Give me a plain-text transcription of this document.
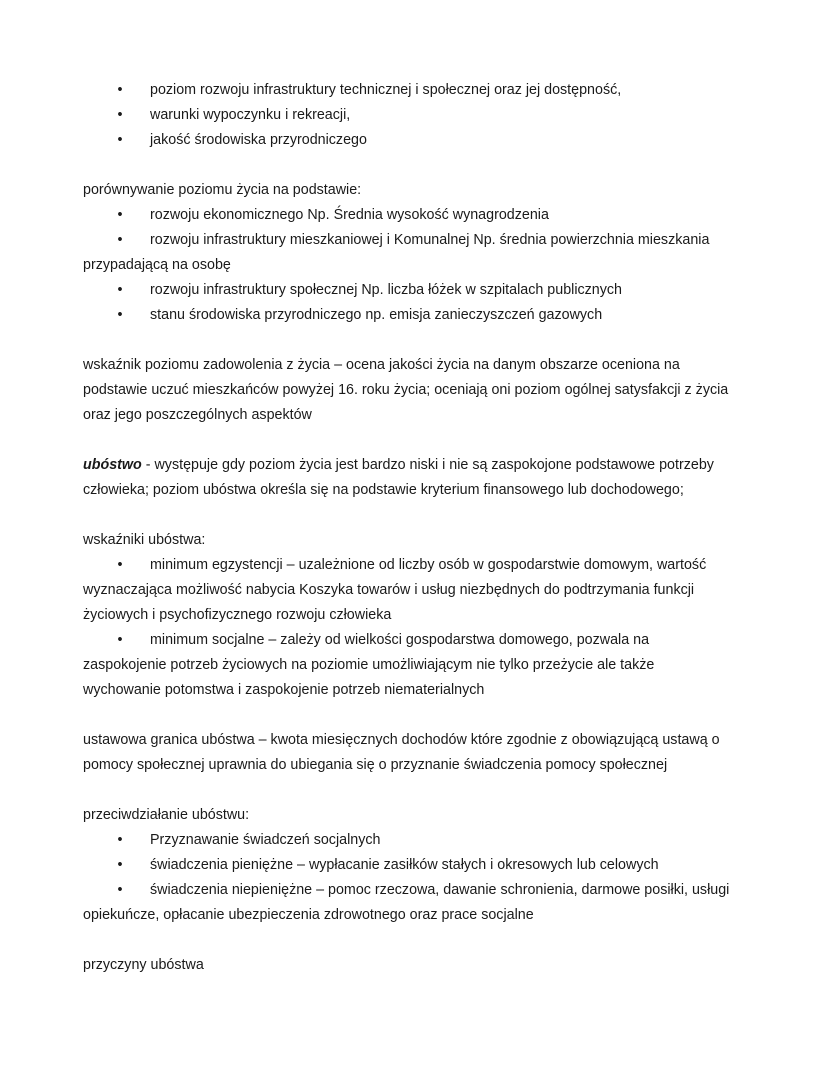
• poziom rozwoju infrastruktury technicznej i społecznej oraz jej dostępność,
• warunki wypoczynku i rekreacji,
• jakość środowiska przyrodniczego
porównywanie poziomu życia na podstawie:
• rozwoju ekonomicznego Np. Średnia wysokość wynagrodzenia
• rozwoju infrastruktury mieszkaniowej i Komunalnej Np. średnia powierzchnia mieszkania
przypadającą na osobę
• rozwoju infrastruktury społecznej Np. liczba łóżek w szpitalach publicznych
• stanu środowiska przyrodniczego np. emisja zanieczyszczeń gazowych
wskaźnik poziomu zadowolenia z życia – ocena jakości życia na danym obszarze oceniona na
podstawie uczuć mieszkańców powyżej 16. roku życia; oceniają oni poziom ogólnej satysfakcji z życia
oraz jego poszczególnych aspektów
ubóstwo - występuje gdy poziom życia jest bardzo niski i nie są zaspokojone podstawowe potrzeby
człowieka; poziom ubóstwa określa się na podstawie kryterium finansowego lub dochodowego;
wskaźniki ubóstwa:
• minimum egzystencji – uzależnione od liczby osób w gospodarstwie domowym, wartość
wyznaczająca możliwość nabycia Koszyka towarów i usług niezbędnych do podtrzymania funkcji
życiowych i psychofizycznego rozwoju człowieka
• minimum socjalne – zależy od wielkości gospodarstwa domowego, pozwala na
zaspokojenie potrzeb życiowych na poziomie umożliwiającym nie tylko przeżycie ale także
wychowanie potomstwa i zaspokojenie potrzeb niematerialnych
ustawowa granica ubóstwa – kwota miesięcznych dochodów które zgodnie z obowiązującą ustawą o
pomocy społecznej uprawnia do ubiegania się o przyznanie świadczenia pomocy społecznej
przeciwdziałanie ubóstwu:
• Przyznawanie świadczeń socjalnych
• świadczenia pieniężne – wypłacanie zasiłków stałych i okresowych lub celowych
• świadczenia niepieniężne – pomoc rzeczowa, dawanie schronienia, darmowe posiłki, usługi
opiekuńcze, opłacanie ubezpieczenia zdrowotnego oraz prace socjalne
przyczyny ubóstwa
